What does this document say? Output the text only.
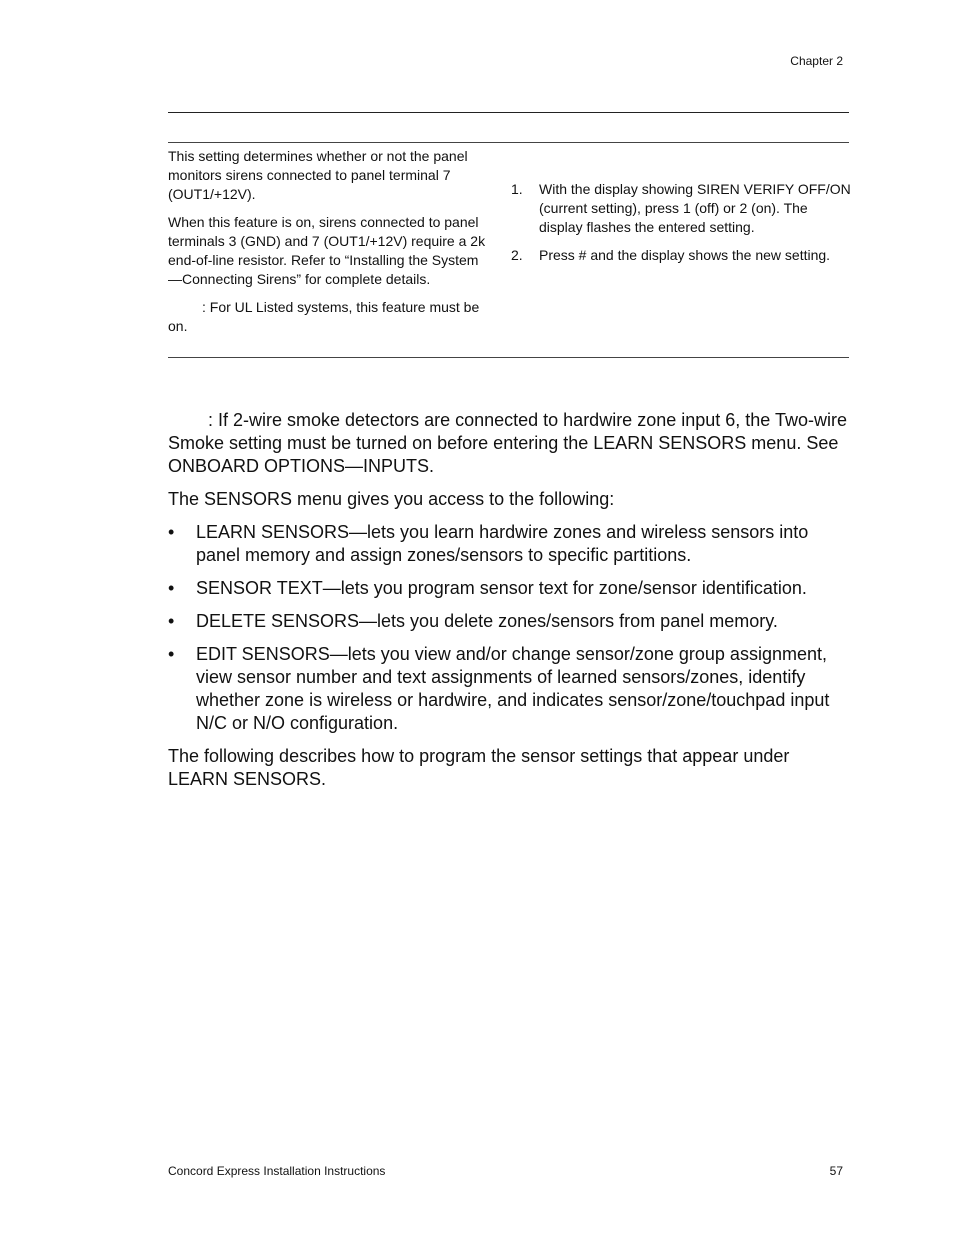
Chapter 2

This setting determines whether or not the panel monitors sirens connected to panel terminal 7 (OUT1/+12V).

When this feature is on, sirens connected to panel terminals 3 (GND) and 7 (OUT1/+12V) require a 2k end-of-line resistor. Refer to “Installing the System—Connecting Sirens” for complete details.

: For UL Listed systems, this feature must be on.

1.	With the display showing SIREN VERIFY OFF/ON (current setting), press 1 (off) or 2 (on). The display flashes the entered setting.
2.	Press # and the display shows the new setting.

: If 2-wire smoke detectors are connected to hardwire zone input 6, the Two-wire Smoke setting must be turned on before entering the LEARN SENSORS menu. See ONBOARD OPTIONS—INPUTS.

The SENSORS menu gives you access to the following:

•	LEARN SENSORS—lets you learn hardwire zones and wireless sensors into panel memory and assign zones/sensors to specific partitions.
•	SENSOR TEXT—lets you program sensor text for zone/sensor identification.
•	DELETE SENSORS—lets you delete zones/sensors from panel memory.
•	EDIT SENSORS—lets you view and/or change sensor/zone group assignment, view sensor number and text assignments of learned sensors/zones, identify whether zone is wireless or hardwire, and indicates sensor/zone/touchpad input N/C or N/O configuration.

The following describes how to program the sensor settings that appear under LEARN SENSORS.

Concord Express Installation Instructions	57
